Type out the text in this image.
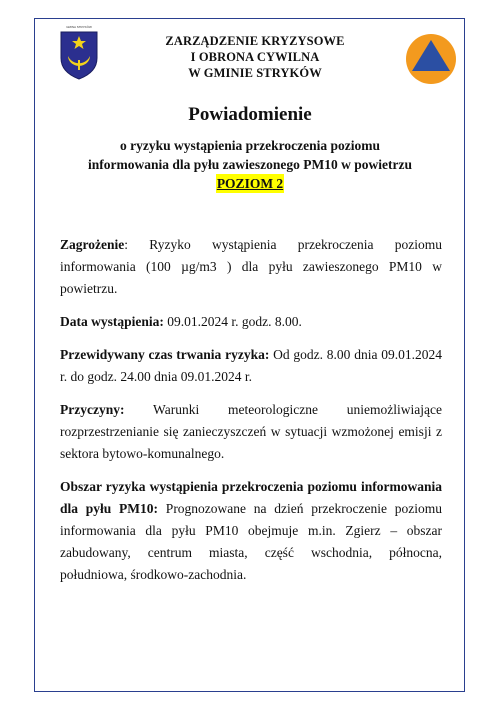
GMINA STRYKÓW
ZARZĄDZENIE KRYZYSOWE
I OBRONA CYWILNA
W GMINIE STRYKÓW
Powiadomienie
o ryzyku wystąpienia przekroczenia poziomu
informowania dla pyłu zawieszonego PM10 w powietrzu
POZIOM 2

Zagrożenie: Ryzyko wystąpienia przekroczenia poziomu informowania (100 µg/m3 ) dla pyłu zawieszonego PM10 w powietrzu.

Data wystąpienia: 09.01.2024 r. godz. 8.00.

Przewidywany czas trwania ryzyka: Od godz. 8.00 dnia 09.01.2024 r. do godz. 24.00 dnia 09.01.2024 r.

Przyczyny: Warunki meteorologiczne uniemożliwiające rozprzestrzenianie się zanieczyszczeń w sytuacji wzmożonej emisji z sektora bytowo-komunalnego.

Obszar ryzyka wystąpienia przekroczenia poziomu informowania dla pyłu PM10: Prognozowane na dzień przekroczenie poziomu informowania dla pyłu PM10 obejmuje m.in. Zgierz – obszar zabudowany, centrum miasta, część wschodnia, północna, południowa, środkowo-zachodnia.
